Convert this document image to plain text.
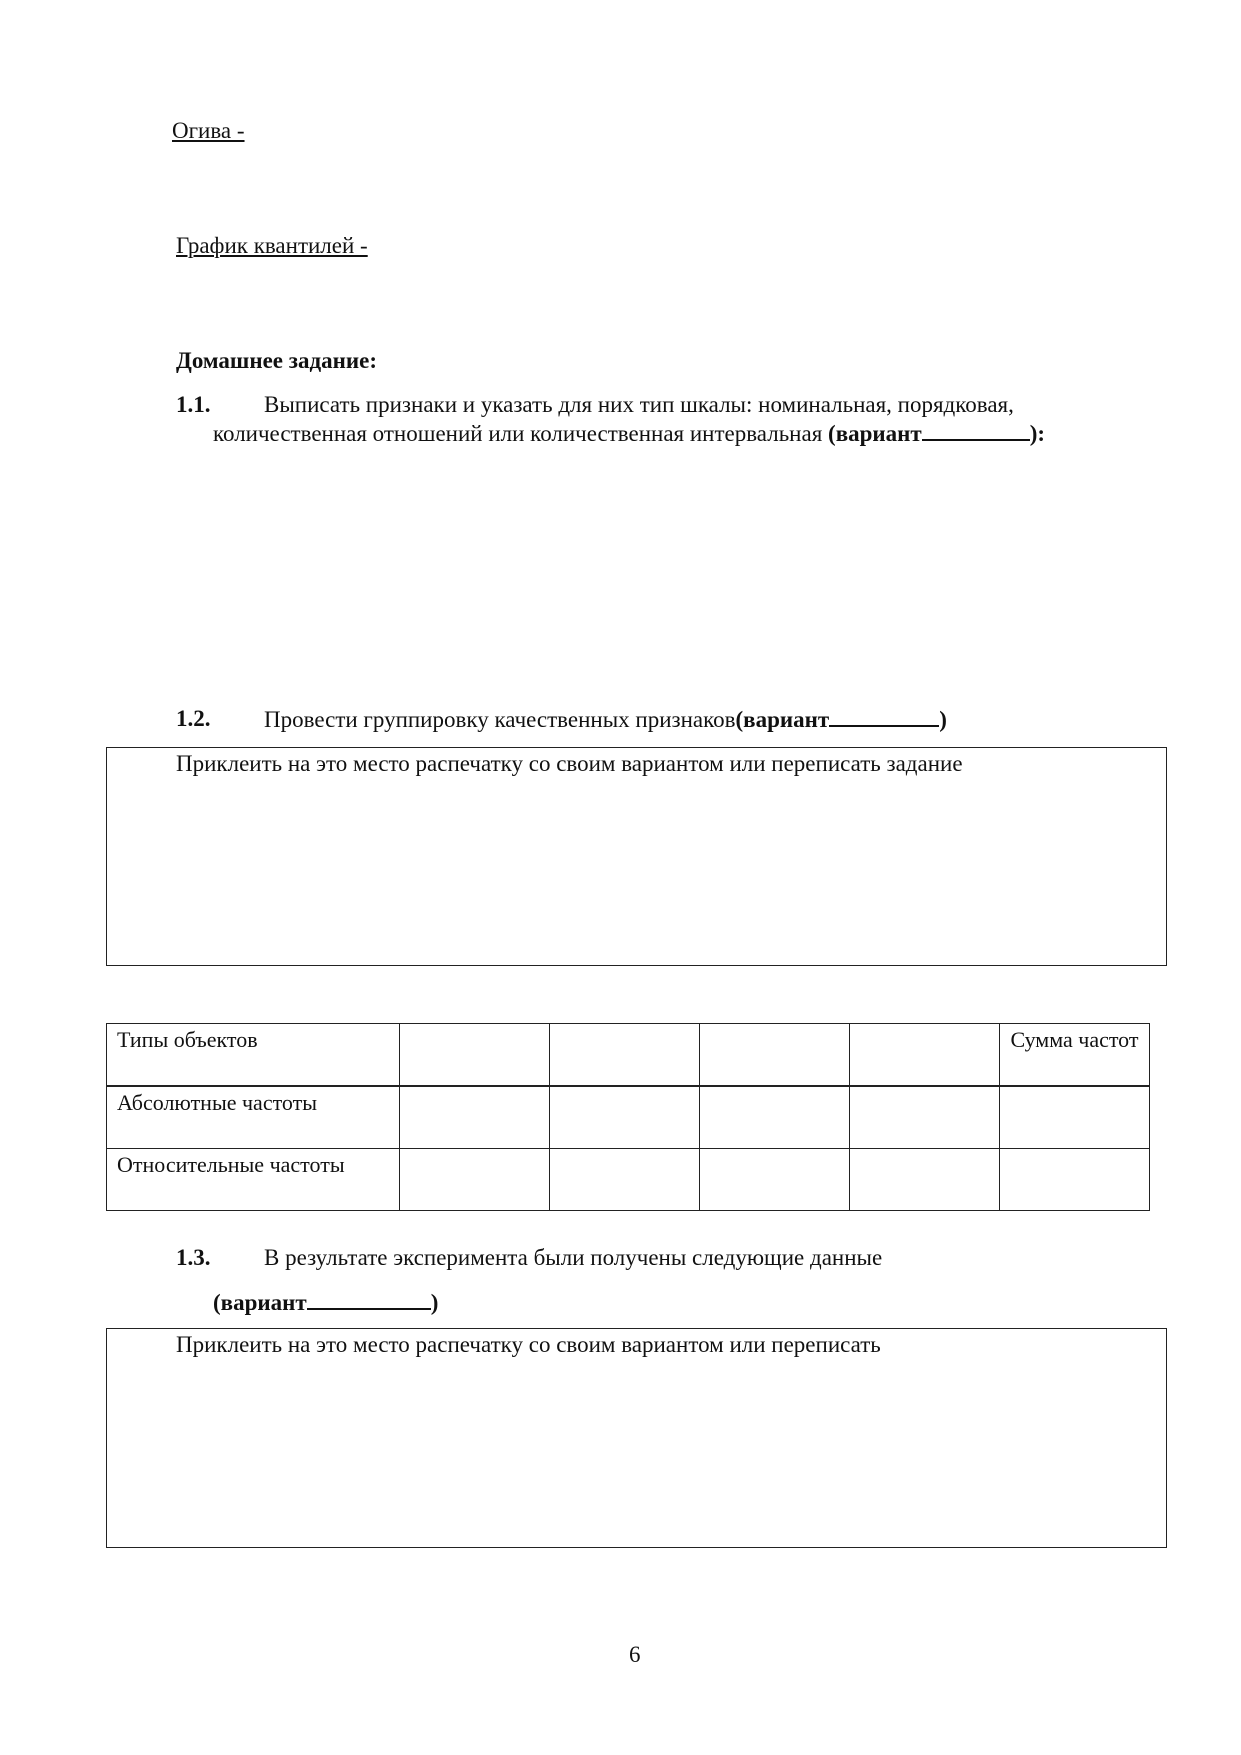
Огива -
График квантилей -
Домашнее задание:
1.1. Выписать признаки и указать для них тип шкалы: номинальная, порядковая,
количественная отношений или количественная интервальная (вариант	):
1.2. Провести группировку качественных признаков(вариант	)
Приклеить на это место распечатку со своим вариантом или переписать задание
Типы объектов					Сумма частот
Абсолютные частоты					
Относительные частоты					
1.3. В результате эксперимента были получены следующие данные
(вариант	)
Приклеить на это место распечатку со своим вариантом или переписать
6
